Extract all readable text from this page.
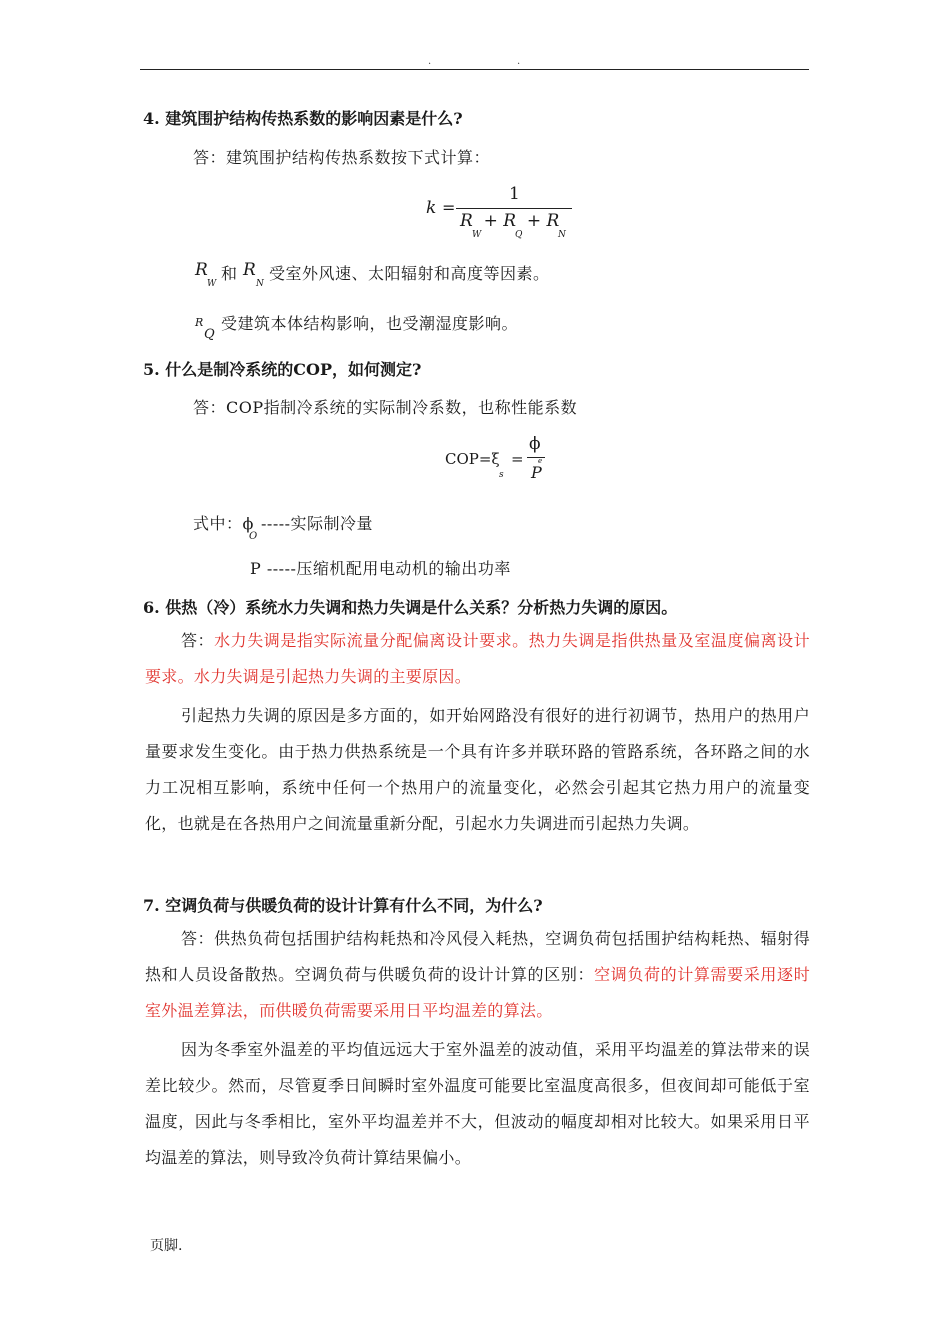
.	.
4. 建筑围护结构传热系数的影响因素是什么?
答：建筑围护结构传热系数按下式计算：
k =
1
R  + R  + R
W	Q	N
R
W
和 R
N
受室外风速、太阳辐射和高度等因素。
R
Q
受建筑本体结构影响，也受潮湿度影响。
5. 什么是制冷系统的COP，如何测定?
答：COP指制冷系统的实际制冷系数，也称性能系数
COP=ξ
s
=
ϕ
P
e
式中：ϕ
O
-----实际制冷量
P -----压缩机配用电动机的输出功率
6. 供热（冷）系统水力失调和热力失调是什么关系？分析热力失调的原因。
答：水力失调是指实际流量分配偏离设计要求。热力失调是指供热量及室温度偏离设计要求。水力失调是引起热力失调的主要原因。
引起热力失调的原因是多方面的，如开始网路没有很好的进行初调节，热用户的热用户量要求发生变化。由于热力供热系统是一个具有许多并联环路的管路系统，各环路之间的水力工况相互影响，系统中任何一个热用户的流量变化，必然会引起其它热力用户的流量变化，也就是在各热用户之间流量重新分配，引起水力失调进而引起热力失调。
7. 空调负荷与供暖负荷的设计计算有什么不同，为什么?
答：供热负荷包括围护结构耗热和冷风侵入耗热，空调负荷包括围护结构耗热、辐射得热和人员设备散热。空调负荷与供暖负荷的设计计算的区别：空调负荷的计算需要采用逐时室外温差算法，而供暖负荷需要采用日平均温差的算法。
因为冬季室外温差的平均值远远大于室外温差的波动值，采用平均温差的算法带来的误差比较少。然而，尽管夏季日间瞬时室外温度可能要比室温度高很多，但夜间却可能低于室温度，因此与冬季相比，室外平均温差并不大，但波动的幅度却相对比较大。如果采用日平均温差的算法，则导致冷负荷计算结果偏小。
页脚.
